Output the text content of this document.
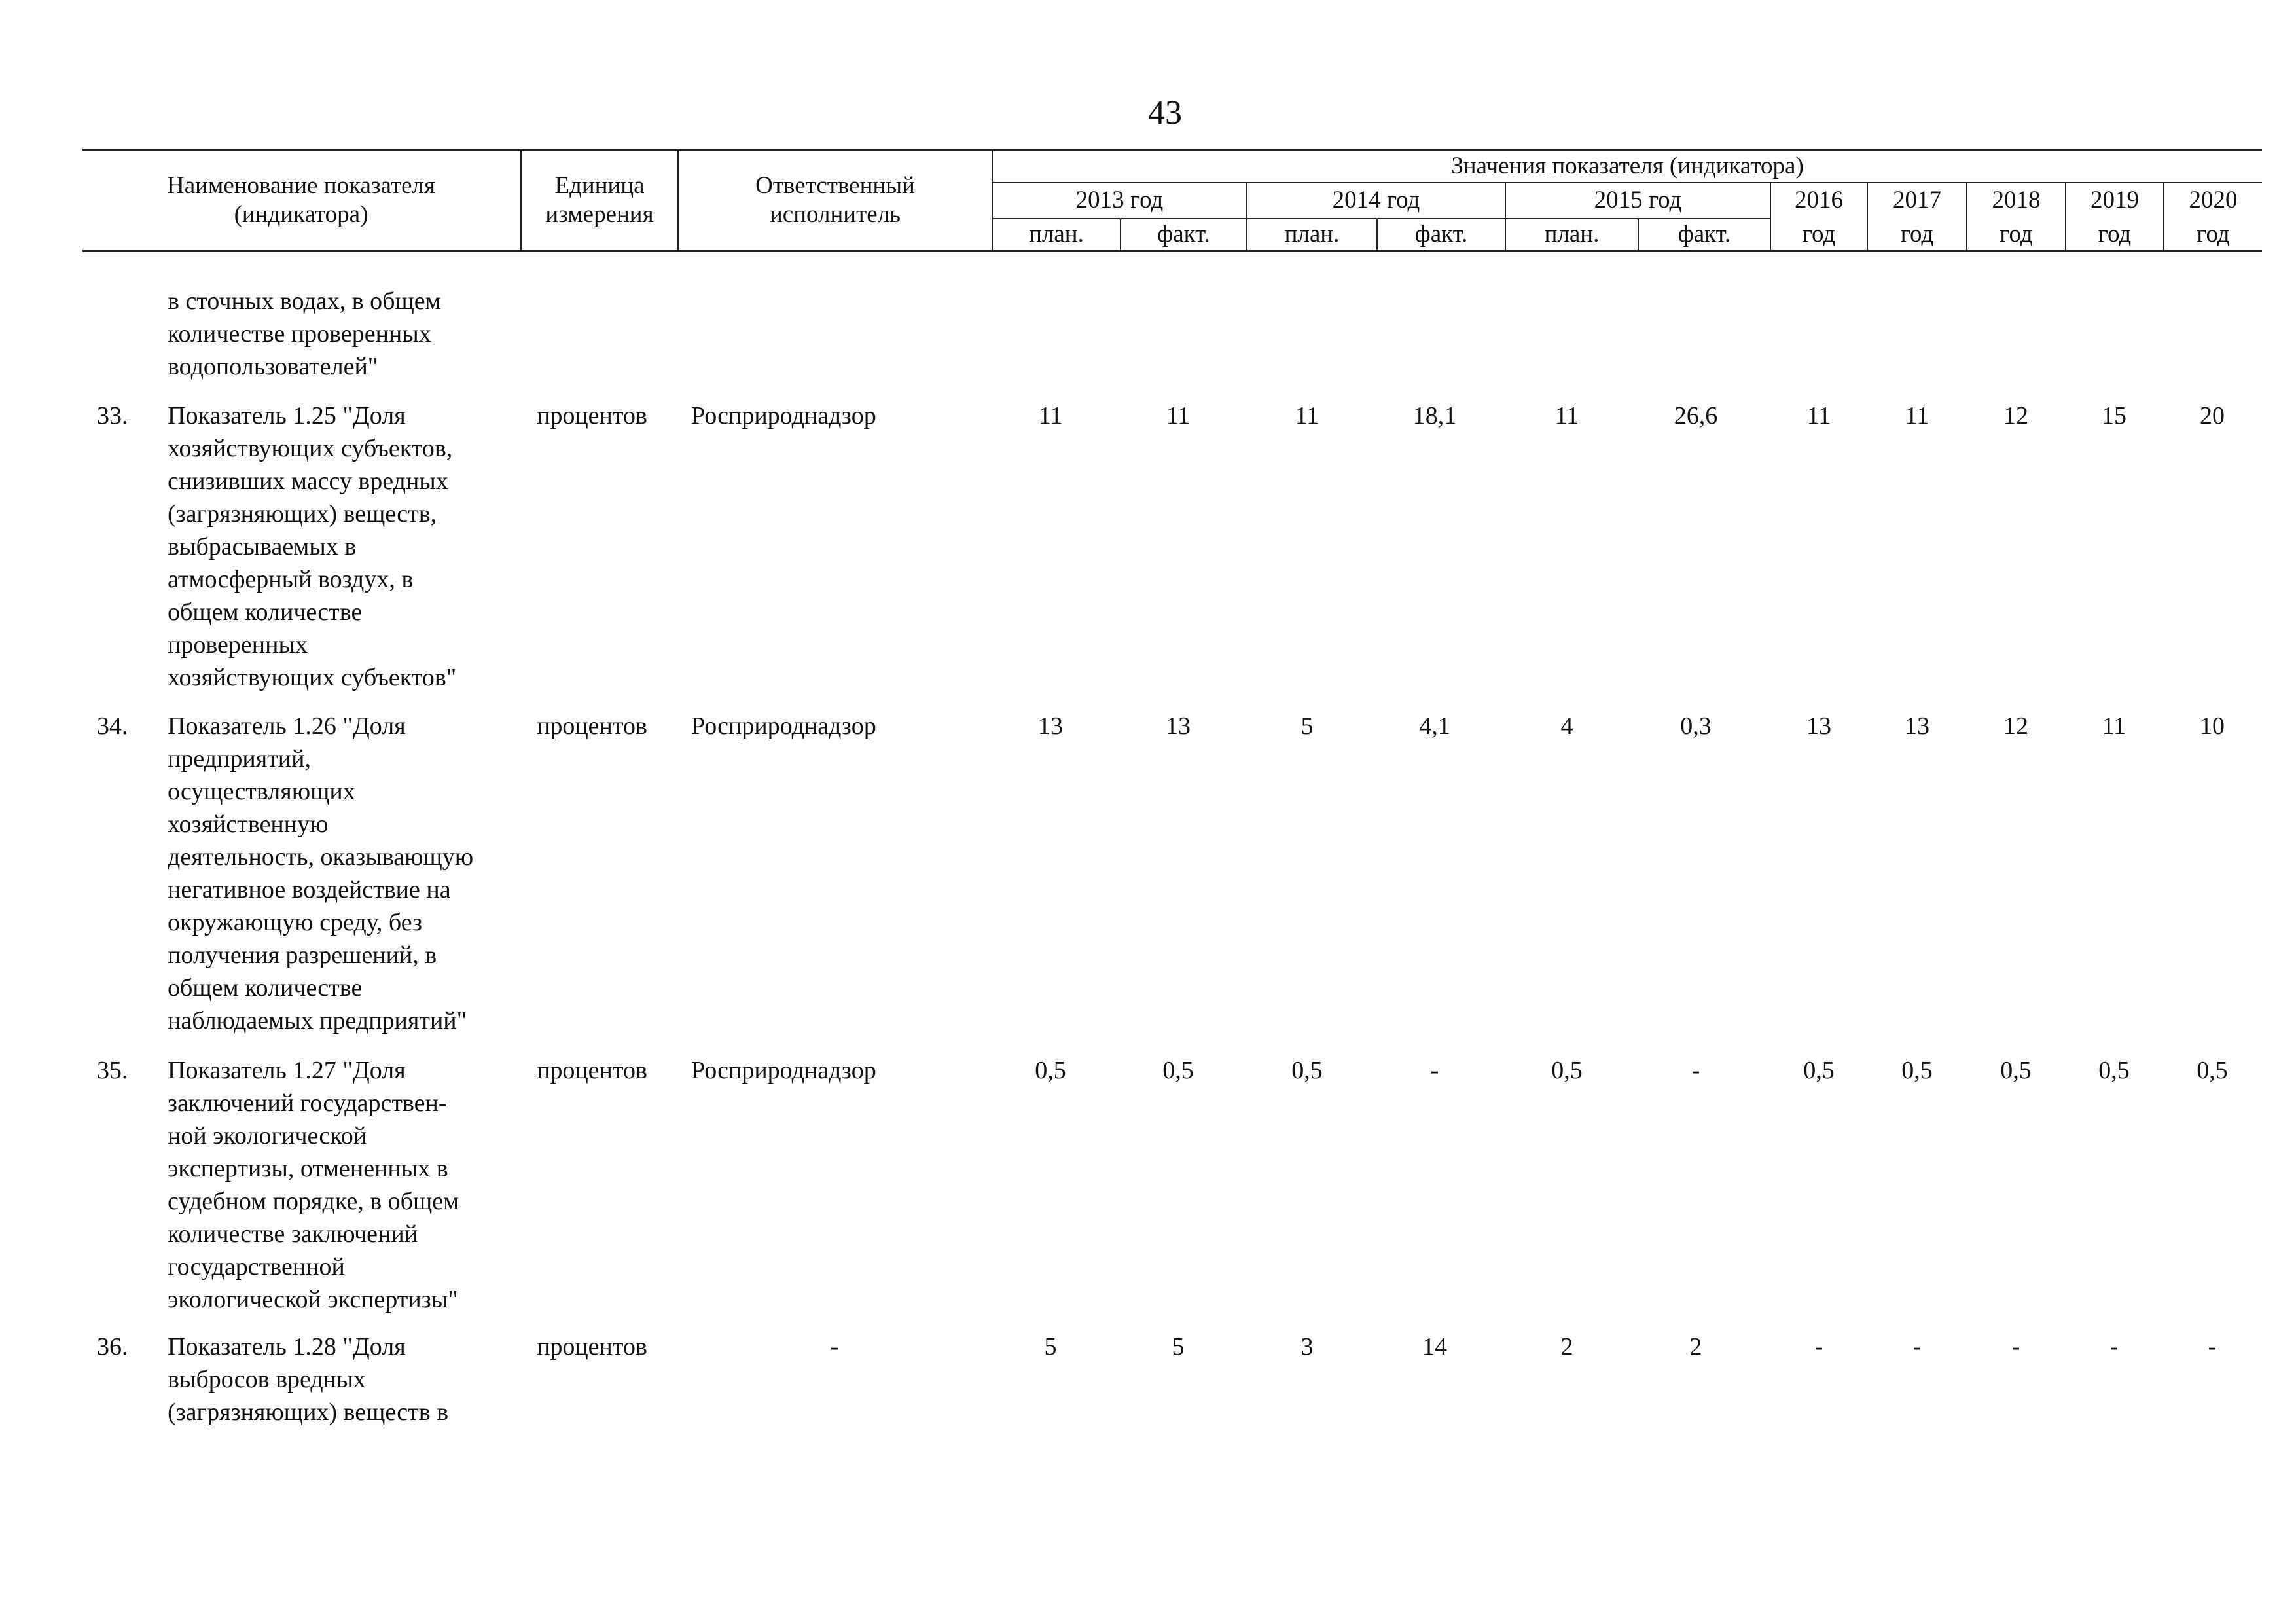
43
Наименование показателя
(индикатора)
Единица
измерения
Ответственный
исполнитель
Значения показателя (индикатора)
2013 год	2014 год	2015 год	2016	2017	2018	2019	2020
план.	факт.	план.	факт.	план.	факт.	год	год	год	год	год
в сточных водах, в общем
количестве проверенных
водопользователей"
33. Показатель 1.25 "Доля
хозяйствующих субъектов,
снизивших массу вредных
(загрязняющих) веществ,
выбрасываемых в
атмосферный воздух, в
общем количестве
проверенных
хозяйствующих субъектов"
процентов	Росприроднадзор	11	11	11	18,1	11	26,6	11	11	12	15	20
34. Показатель 1.26 "Доля
предприятий,
осуществляющих
хозяйственную
деятельность, оказывающую
негативное воздействие на
окружающую среду, без
получения разрешений, в
общем количестве
наблюдаемых предприятий"
процентов	Росприроднадзор	13	13	5	4,1	4	0,3	13	13	12	11	10
35. Показатель 1.27 "Доля
заключений государствен-
ной экологической
экспертизы, отмененных в
судебном порядке, в общем
количестве заключений
государственной
экологической экспертизы"
процентов	Росприроднадзор	0,5	0,5	0,5	-	0,5	-	0,5	0,5	0,5	0,5	0,5
36. Показатель 1.28 "Доля
выбросов вредных
(загрязняющих) веществ в
процентов	-	5	5	3	14	2	2	-	-	-	-	-
